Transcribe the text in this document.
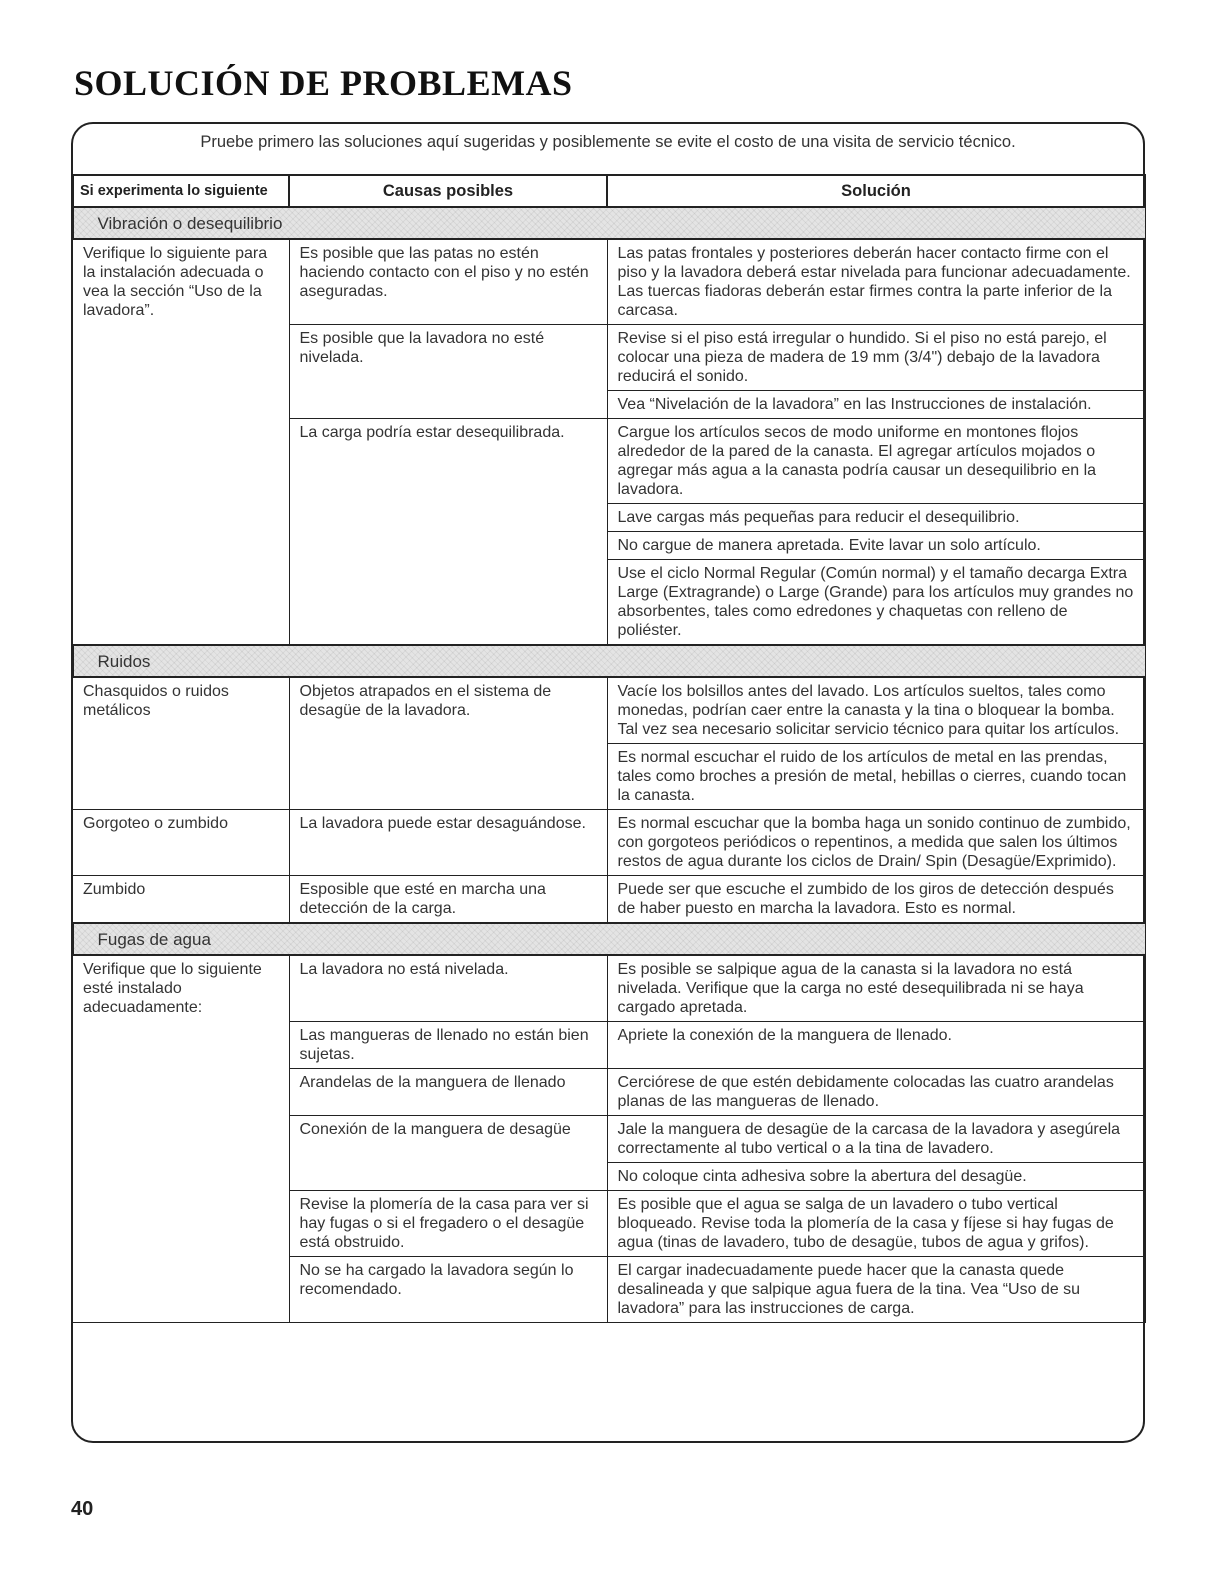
SOLUCIÓN DE PROBLEMAS
Pruebe primero las soluciones aquí sugeridas y posiblemente se evite el costo de una visita de servicio técnico.
Si experimenta lo siguiente	Causas posibles	Solución
Vibración o desequilibrio		
Verifique lo siguiente para la instalación adecuada o vea la sección “Uso de la lavadora”.	Es posible que las patas no estén haciendo contacto con el piso y no estén aseguradas.	Las patas frontales y posteriores deberán hacer contacto firme con el piso y la lavadora deberá estar nivelada para funcionar adecuadamente. Las tuercas fiadoras deberán estar firmes contra la parte inferior de la carcasa.
	Es posible que la lavadora no esté nivelada.	Revise si el piso está irregular o hundido. Si el piso no está parejo, el colocar una pieza de madera de 19 mm (3/4") debajo de la lavadora reducirá el sonido.
		Vea “Nivelación de la lavadora” en las Instrucciones de instalación.
	La carga podría estar desequilibrada.	Cargue los artículos secos de modo uniforme en montones flojos alrededor de la pared de la canasta. El agregar artículos mojados o agregar más agua a la canasta podría causar un desequilibrio en la lavadora.
		Lave cargas más pequeñas para reducir el desequilibrio.
		No cargue de manera apretada. Evite lavar un solo artículo.
		Use el ciclo Normal Regular (Común normal) y el tamaño decarga Extra Large (Extragrande) o Large (Grande) para los artículos muy grandes no absorbentes, tales como edredones y chaquetas con relleno de poliéster.
Ruidos		
Chasquidos o ruidos metálicos	Objetos atrapados en el sistema de desagüe de la lavadora.	Vacíe los bolsillos antes del lavado. Los artículos sueltos, tales como monedas, podrían caer entre la canasta y la tina o bloquear la bomba. Tal vez sea necesario solicitar servicio técnico para quitar los artículos.
		Es normal escuchar el ruido de los artículos de metal en las prendas, tales como broches a presión de metal, hebillas o cierres, cuando tocan la canasta.
Gorgoteo o zumbido	La lavadora puede estar desaguándose.	Es normal escuchar que la bomba haga un sonido continuo de zumbido, con gorgoteos periódicos o repentinos, a medida que salen los últimos restos de agua durante los ciclos de Drain/ Spin (Desagüe/Exprimido).
Zumbido	Esposible que esté en marcha una detección de la carga.	Puede ser que escuche el zumbido de los giros de detección después de haber puesto en marcha la lavadora. Esto es normal.
Fugas de agua		
Verifique que lo siguiente esté instalado adecuadamente:	La lavadora no está nivelada.	Es posible se salpique agua de la canasta si la lavadora no está nivelada. Verifique que la carga no esté desequilibrada ni se haya cargado apretada.
	Las mangueras de llenado no están bien sujetas.	Apriete la conexión de la manguera de llenado.
	Arandelas de la manguera de llenado	Cerciórese de que estén debidamente colocadas las cuatro arandelas planas de las mangueras de llenado.
	Conexión de la manguera de desagüe	Jale la manguera de desagüe de la carcasa de la lavadora y asegúrela correctamente al tubo vertical o a la tina de lavadero.
		No coloque cinta adhesiva sobre la abertura del desagüe.
	Revise la plomería de la casa para ver si hay fugas o si el fregadero o el desagüe está obstruido.	Es posible que el agua se salga de un lavadero o tubo vertical bloqueado. Revise toda la plomería de la casa y fíjese si hay fugas de agua (tinas de lavadero, tubo de desagüe, tubos de agua y grifos).
	No se ha cargado la lavadora según lo recomendado.	El cargar inadecuadamente puede hacer que la canasta quede desalineada y que salpique agua fuera de la tina. Vea “Uso de su lavadora” para las instrucciones de carga.
40
